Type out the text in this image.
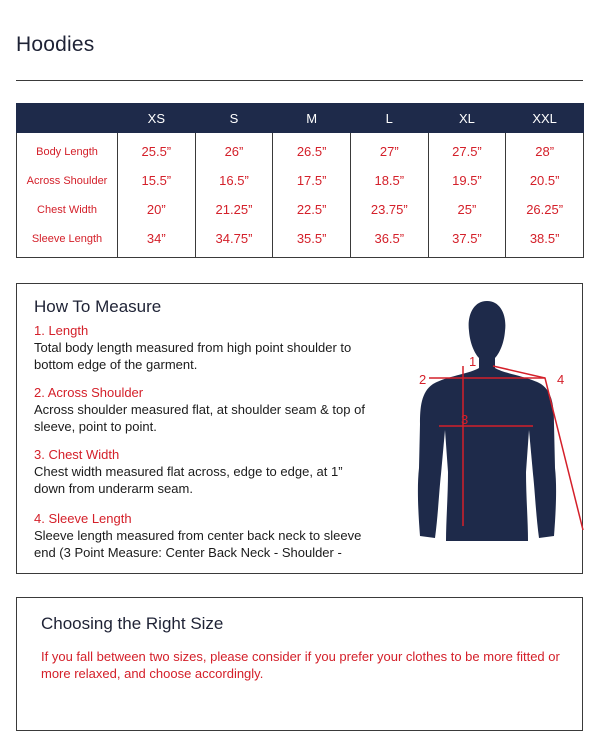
Hoodies
	XS	S	M	L	XL	XXL
Body Length	25.5”	26”	26.5”	27”	27.5”	28”
Across Shoulder	15.5”	16.5”	17.5”	18.5”	19.5”	20.5”
Chest Width	20”	21.25”	22.5”	23.75”	25”	26.25”
Sleeve Length	34”	34.75”	35.5”	36.5”	37.5”	38.5”
How To Measure
1. Length
Total body length measured from high point shoulder to bottom edge of the garment.
2. Across Shoulder
Across shoulder measured flat, at shoulder seam & top of sleeve, point to point.
3. Chest Width
Chest width measured flat across, edge to edge, at 1” down from underarm seam.
4. Sleeve Length
Sleeve length measured from center back neck to sleeve end (3 Point Measure: Center Back Neck - Shoulder -
1
2
3
4
Choosing the Right Size
If you fall between two sizes, please consider if you prefer your clothes to be more fitted or more relaxed, and choose accordingly.
